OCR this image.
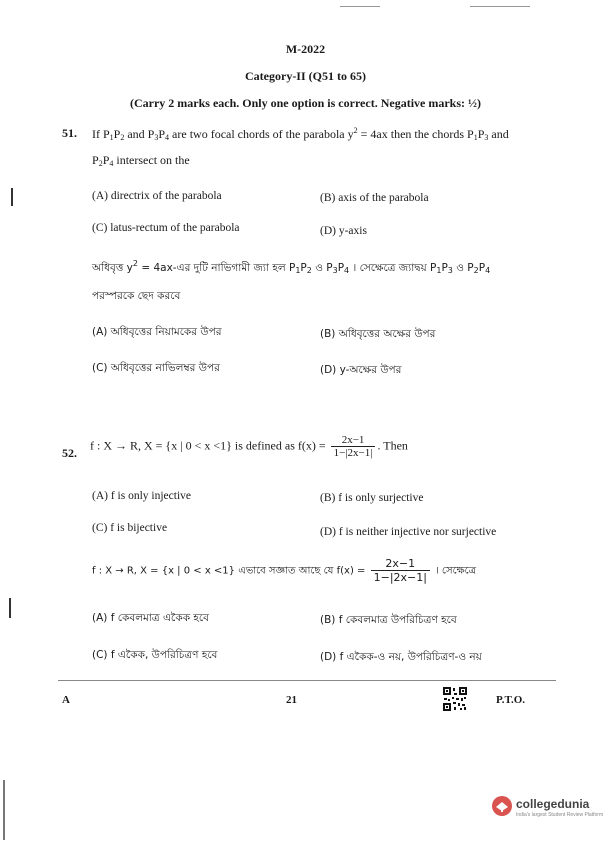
M-2022
Category-II (Q51 to 65)
(Carry 2 marks each. Only one option is correct. Negative marks: ½)
51. If $P_1P_2$ and $P_3P_4$ are two focal chords of the parabola $y^2 = 4ax$ then the chords $P_1P_3$ and
$P_2P_4$ intersect on the
(A) directrix of the parabola	(B) axis of the parabola
(C) latus-rectum of the parabola	(D) y-axis
অধিবৃত্ত $y^2$ = 4ax-এর দুটি নাভিগামী জ্যা হল $P_1P_2$ ও $P_3P_4$ । সেক্ষেত্রে জ্যাদ্বয় $P_1P_3$ ও $P_2P_4$
পরস্পরকে ছেদ করবে
(A) অধিবৃত্তের নিয়ামকের উপর	(B) অধিবৃত্তের অক্ষের উপর
(C) অধিবৃত্তের নাভিলম্বর উপর	(D) y-অক্ষের উপর
52.
f : X → R, X = {x | 0 < x <1} is defined as $f(x) = \frac{2x-1}{1-|2x-1|}$ . Then
(A) f is only injective	(B) f is only surjective
(C) f is bijective	(D) f is neither injective nor surjective
f : X → R, X = {x | 0 < x <1} এভাবে সজ্ঞাত আছে যে $f(x) = \frac{2x-1}{1-|2x-1|}$ । সেক্ষেত্রে
(A) f কেবলমাত্র একৈক হবে	(B) f কেবলমাত্র উপরিচিত্রণ হবে
(C) f একৈক, উপরিচিত্রণ হবে	(D) f একৈক-ও নয়, উপরিচিত্রণ-ও নয়
A	21	P.T.O.
collegedunia
India's largest Student Review Platform
